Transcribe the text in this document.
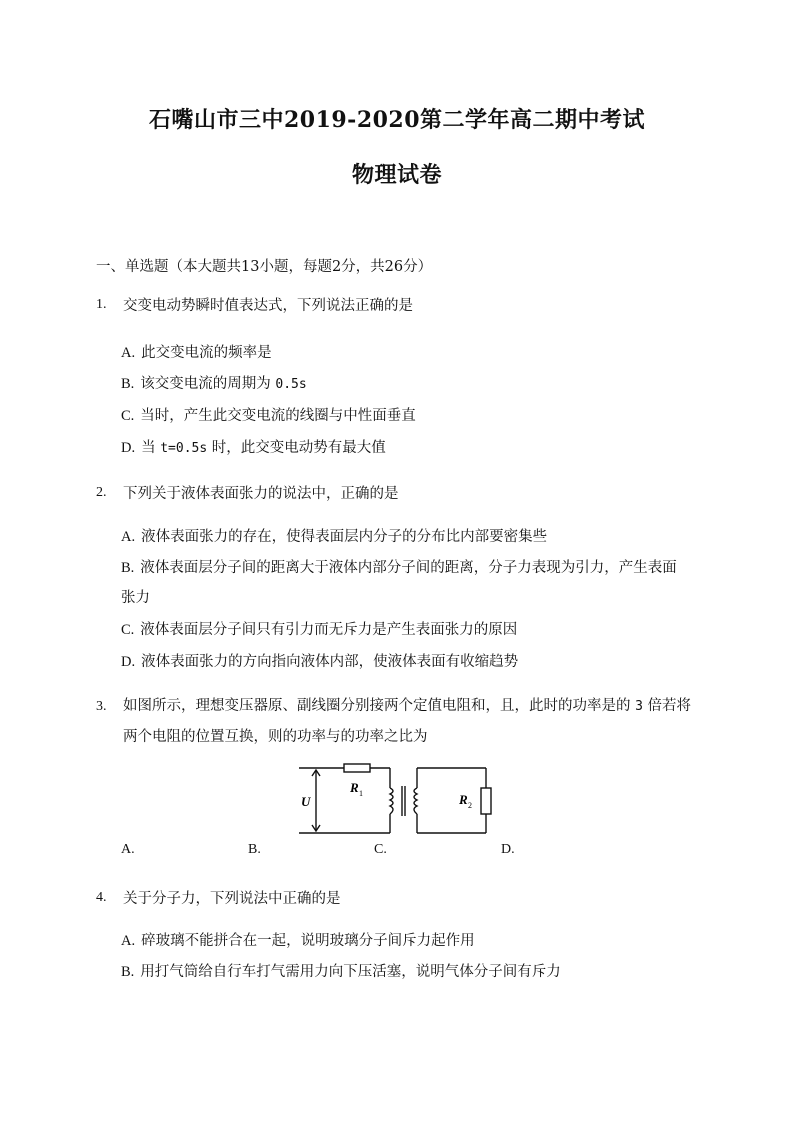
石嘴山市三中2019-2020第二学年高二期中考试
物理试卷
一、单选题（本大题共13小题，每题2分，共26分）
1. 交变电动势瞬时值表达式，下列说法正确的是
A. 此交变电流的频率是
B. 该交变电流的周期为 0.5s
C. 当时，产生此交变电流的线圈与中性面垂直
D. 当 t=0.5s 时，此交变电动势有最大值
2. 下列关于液体表面张力的说法中，正确的是
A. 液体表面张力的存在，使得表面层内分子的分布比内部要密集些
B. 液体表面层分子间的距离大于液体内部分子间的距离，分子力表现为引力，产生表面张力
C. 液体表面层分子间只有引力而无斥力是产生表面张力的原因
D. 液体表面张力的方向指向液体内部，使液体表面有收缩趋势
3. 如图所示，理想变压器原、副线圈分别接两个定值电阻和，且，此时的功率是的 3 倍若将两个电阻的位置互换，则的功率与的功率之比为
U
R 1	R 2
A.	B.	C.	D.
4. 关于分子力，下列说法中正确的是
A. 碎玻璃不能拼合在一起，说明玻璃分子间斥力起作用
B. 用打气筒给自行车打气需用力向下压活塞，说明气体分子间有斥力
